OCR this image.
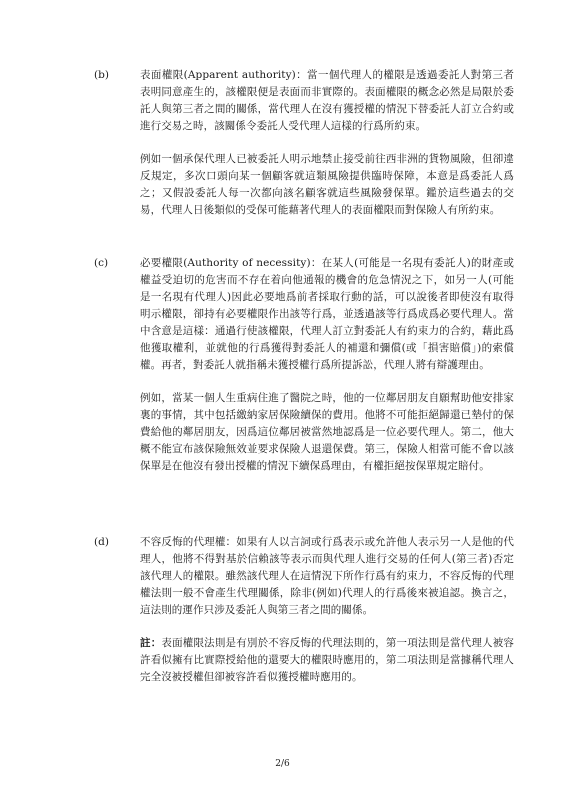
(b)	表面權限(Apparent authority)：當一個代理人的權限是透過委託人對第三者表明同意產生的，該權限便是表面而非實際的。表面權限的概念必然是局限於委託人與第三者之間的關係，當代理人在沒有獲授權的情況下替委託人訂立合約或進行交易之時，該關係令委託人受代理人這樣的行爲所約束。

例如一個承保代理人已被委託人明示地禁止接受前往西非洲的貨物風險，但卻違反規定，多次口頭向某一個顧客就這類風險提供臨時保障，本意是爲委託人爲之；又假設委託人每一次都向該名顧客就這些風險發保單。鑑於這些過去的交易，代理人日後類似的受保可能藉著代理人的表面權限而對保險人有所約束。

(c)	必要權限(Authority of necessity)：在某人(可能是一名現有委託人)的財產或權益受迫切的危害而不存在着向他通報的機會的危急情況之下，如另一人(可能是一名現有代理人)因此必要地爲前者採取行動的話，可以說後者即使沒有取得明示權限，卻持有必要權限作出該等行爲，並透過該等行爲成爲必要代理人。當中含意是這樣：通過行使該權限，代理人訂立對委託人有約束力的合約，藉此爲他獲取權利，並就他的行爲獲得對委託人的補還和彌償(或「損害賠償」)的索償權。再者，對委託人就指稱未獲授權行爲所提訴訟，代理人將有辯護理由。

例如，當某一個人生重病住進了醫院之時，他的一位鄰居朋友自願幫助他安排家裏的事情，其中包括繳納家居保險續保的費用。他將不可能拒絕歸還已墊付的保費給他的鄰居朋友，因爲這位鄰居被當然地認爲是一位必要代理人。第二，他大概不能宣布該保險無效並要求保險人退還保費。第三，保險人相當可能不會以該保單是在他沒有發出授權的情況下續保爲理由，有權拒絕按保單規定賠付。

(d)	不容反悔的代理權：如果有人以言詞或行爲表示或允許他人表示另一人是他的代理人，他將不得對基於信賴該等表示而與代理人進行交易的任何人(第三者)否定該代理人的權限。雖然該代理人在這情況下所作行爲有約束力，不容反悔的代理權法則一般不會產生代理關係，除非(例如)代理人的行爲後來被追認。換言之，這法則的運作只涉及委託人與第三者之間的關係。

註：表面權限法則是有別於不容反悔的代理法則的，第一項法則是當代理人被容許看似擁有比實際授給他的還要大的權限時應用的，第二項法則是當據稱代理人完全沒被授權但卻被容許看似獲授權時應用的。

2/6
